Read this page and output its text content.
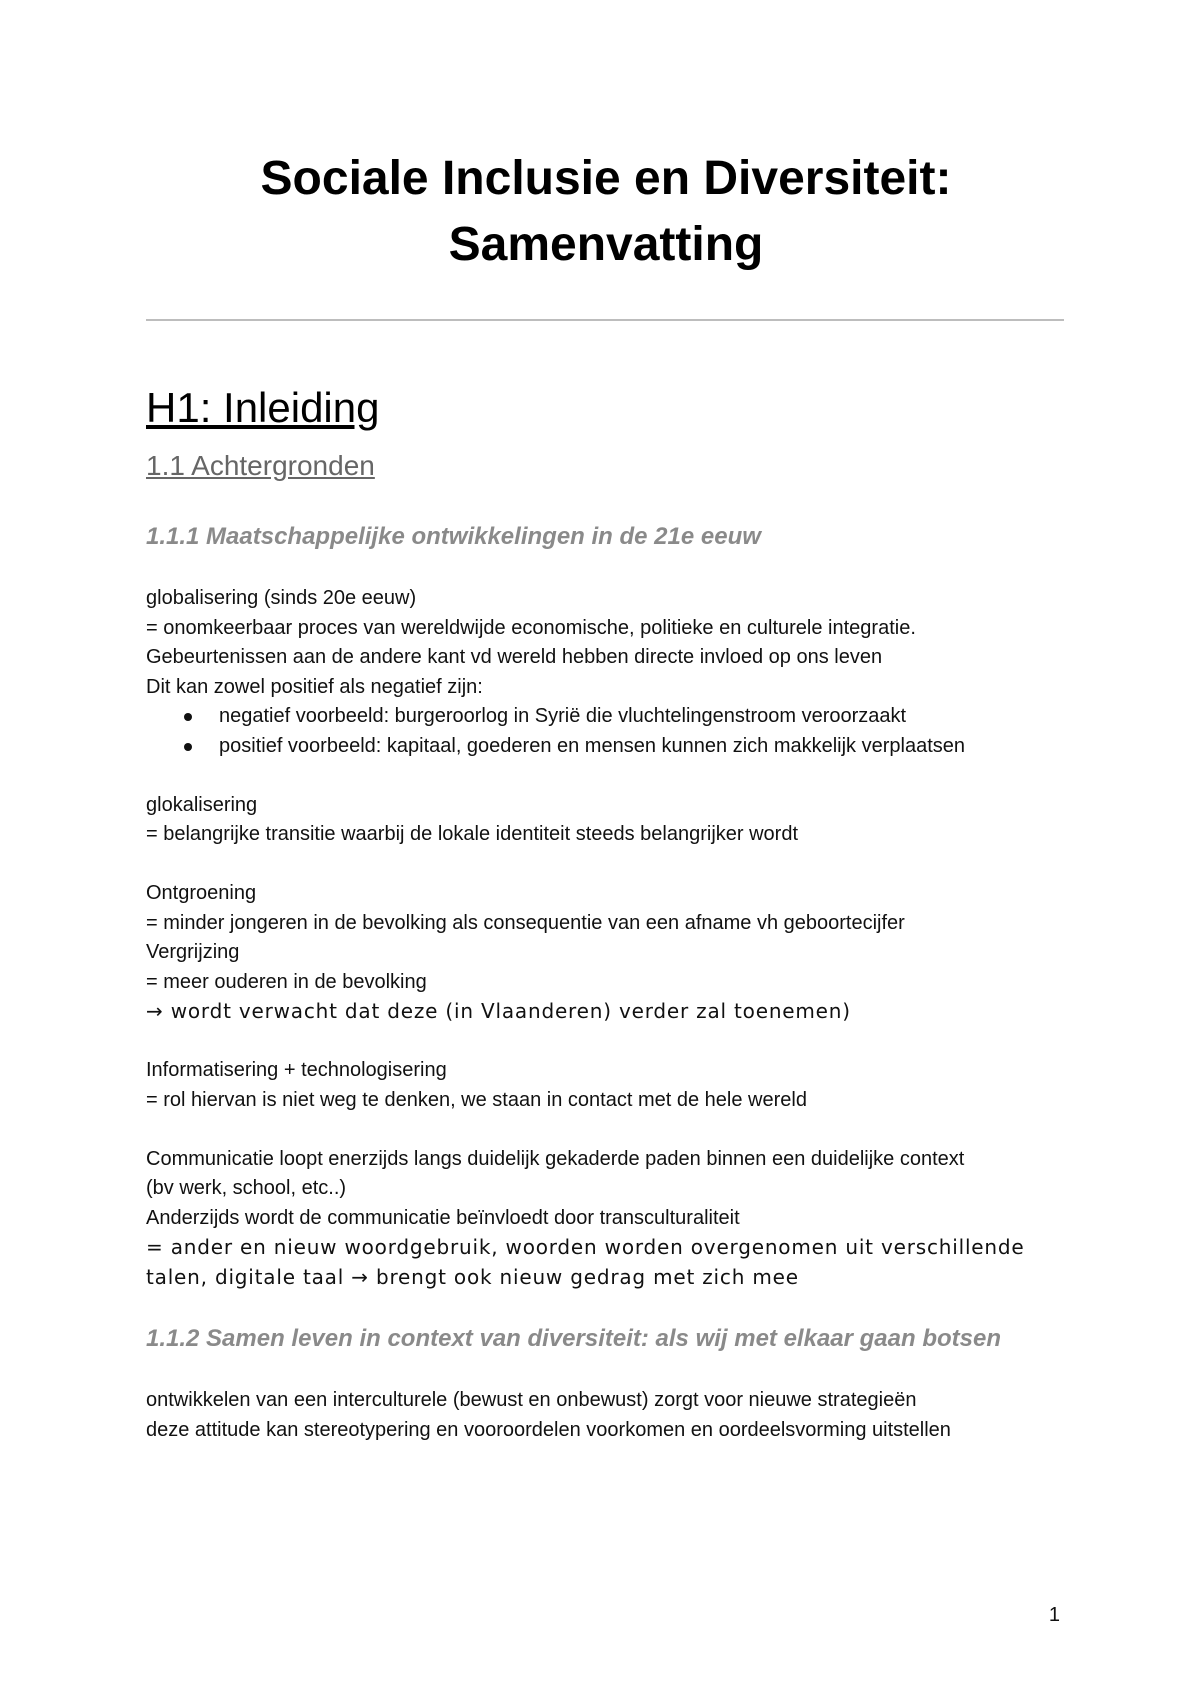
Sociale Inclusie en Diversiteit:
Samenvatting
H1: Inleiding
1.1 Achtergronden
1.1.1 Maatschappelijke ontwikkelingen in de 21e eeuw
globalisering (sinds 20e eeuw)
= onomkeerbaar proces van wereldwijde economische, politieke en culturele integratie.
Gebeurtenissen aan de andere kant vd wereld hebben directe invloed op ons leven
Dit kan zowel positief als negatief zijn:
negatief voorbeeld: burgeroorlog in Syrië die vluchtelingenstroom veroorzaakt
positief voorbeeld: kapitaal, goederen en mensen kunnen zich makkelijk verplaatsen
glokalisering
= belangrijke transitie waarbij de lokale identiteit steeds belangrijker wordt
Ontgroening
= minder jongeren in de bevolking als consequentie van een afname vh geboortecijfer
Vergrijzing
= meer ouderen in de bevolking
→ wordt verwacht dat deze (in Vlaanderen) verder zal toenemen)
Informatisering + technologisering
= rol hiervan is niet weg te denken, we staan in contact met de hele wereld
Communicatie loopt enerzijds langs duidelijk gekaderde paden binnen een duidelijke context
(bv werk, school, etc..)
Anderzijds wordt de communicatie beïnvloedt door transculturaliteit
= ander en nieuw woordgebruik, woorden worden overgenomen uit verschillende
talen, digitale taal → brengt ook nieuw gedrag met zich mee
1.1.2 Samen leven in context van diversiteit: als wij met elkaar gaan botsen
ontwikkelen van een interculturele (bewust en onbewust) zorgt voor nieuwe strategieën
deze attitude kan stereotypering en vooroordelen voorkomen en oordeelsvorming uitstellen
1
